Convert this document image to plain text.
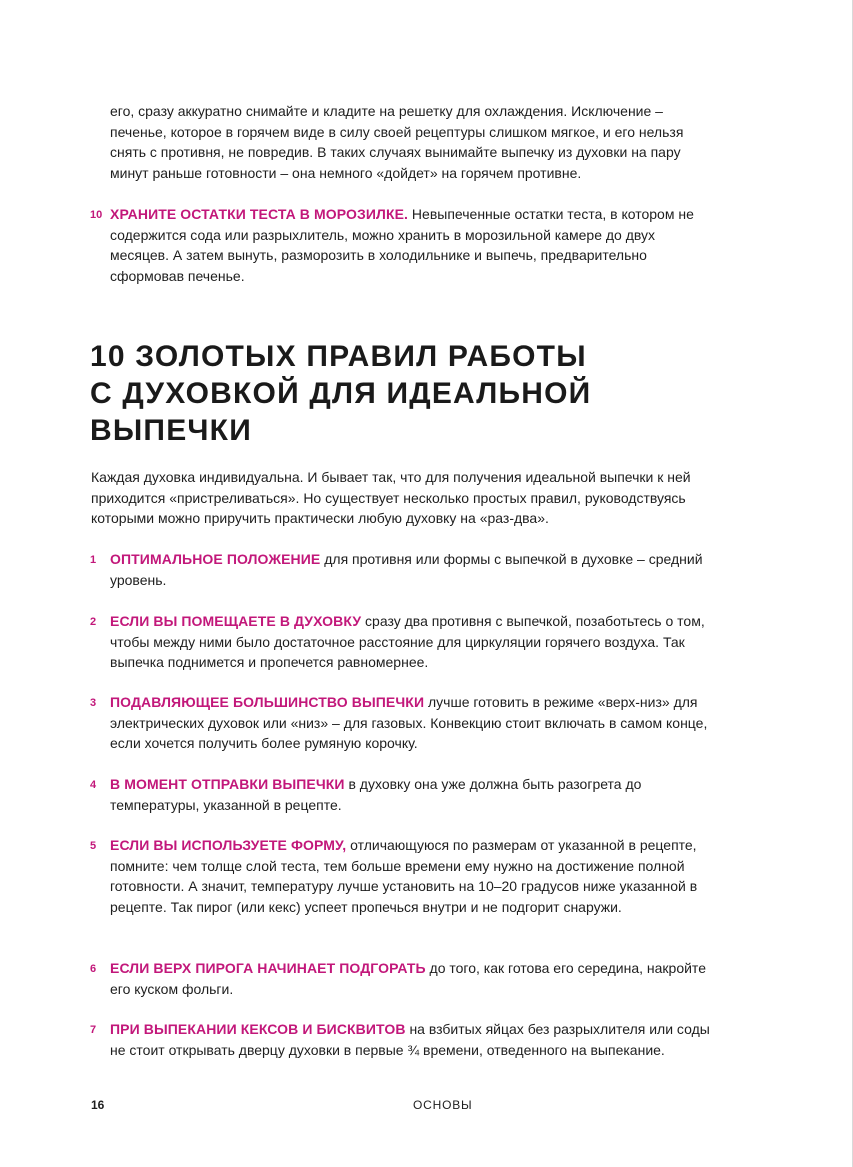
его, сразу аккуратно снимайте и кладите на решетку для охлаждения. Исключение – печенье, которое в горячем виде в силу своей рецептуры слишком мягкое, и его нельзя снять с противня, не повредив. В таких случаях вынимайте выпечку из духовки на пару минут раньше готовности – она немного «дойдет» на горячем противне.
10 ХРАНИТЕ ОСТАТКИ ТЕСТА В МОРОЗИЛКЕ. Невыпеченные остатки теста, в котором не содержится сода или разрыхлитель, можно хранить в морозильной камере до двух месяцев. А затем вынуть, разморозить в холодильнике и выпечь, предварительно сформовав печенье.
10 ЗОЛОТЫХ ПРАВИЛ РАБОТЫ
С ДУХОВКОЙ ДЛЯ ИДЕАЛЬНОЙ
ВЫПЕЧКИ
Каждая духовка индивидуальна. И бывает так, что для получения идеальной выпечки к ней приходится «пристреливаться». Но существует несколько простых правил, руководствуясь которыми можно приручить практически любую духовку на «раз-два».
1 ОПТИМАЛЬНОЕ ПОЛОЖЕНИЕ для противня или формы с выпечкой в духовке – средний уровень.
2 ЕСЛИ ВЫ ПОМЕЩАЕТЕ В ДУХОВКУ сразу два противня с выпечкой, позаботьтесь о том, чтобы между ними было достаточное расстояние для циркуляции горячего воздуха. Так выпечка поднимется и пропечется равномернее.
3 ПОДАВЛЯЮЩЕЕ БОЛЬШИНСТВО ВЫПЕЧКИ лучше готовить в режиме «верх-низ» для электрических духовок или «низ» – для газовых. Конвекцию стоит включать в самом конце, если хочется получить более румяную корочку.
4 В МОМЕНТ ОТПРАВКИ ВЫПЕЧКИ в духовку она уже должна быть разогрета до температуры, указанной в рецепте.
5 ЕСЛИ ВЫ ИСПОЛЬЗУЕТЕ ФОРМУ, отличающуюся по размерам от указанной в рецепте, помните: чем толще слой теста, тем больше времени ему нужно на достижение полной готовности. А значит, температуру лучше установить на 10–20 градусов ниже указанной в рецепте. Так пирог (или кекс) успеет пропечься внутри и не подгорит снаружи.
6 ЕСЛИ ВЕРХ ПИРОГА НАЧИНАЕТ ПОДГОРАТЬ до того, как готова его середина, накройте его куском фольги.
7 ПРИ ВЫПЕКАНИИ КЕКСОВ И БИСКВИТОВ на взбитых яйцах без разрыхлителя или соды не стоит открывать дверцу духовки в первые ¾ времени, отведенного на выпекание.
16	ОСНОВЫ
